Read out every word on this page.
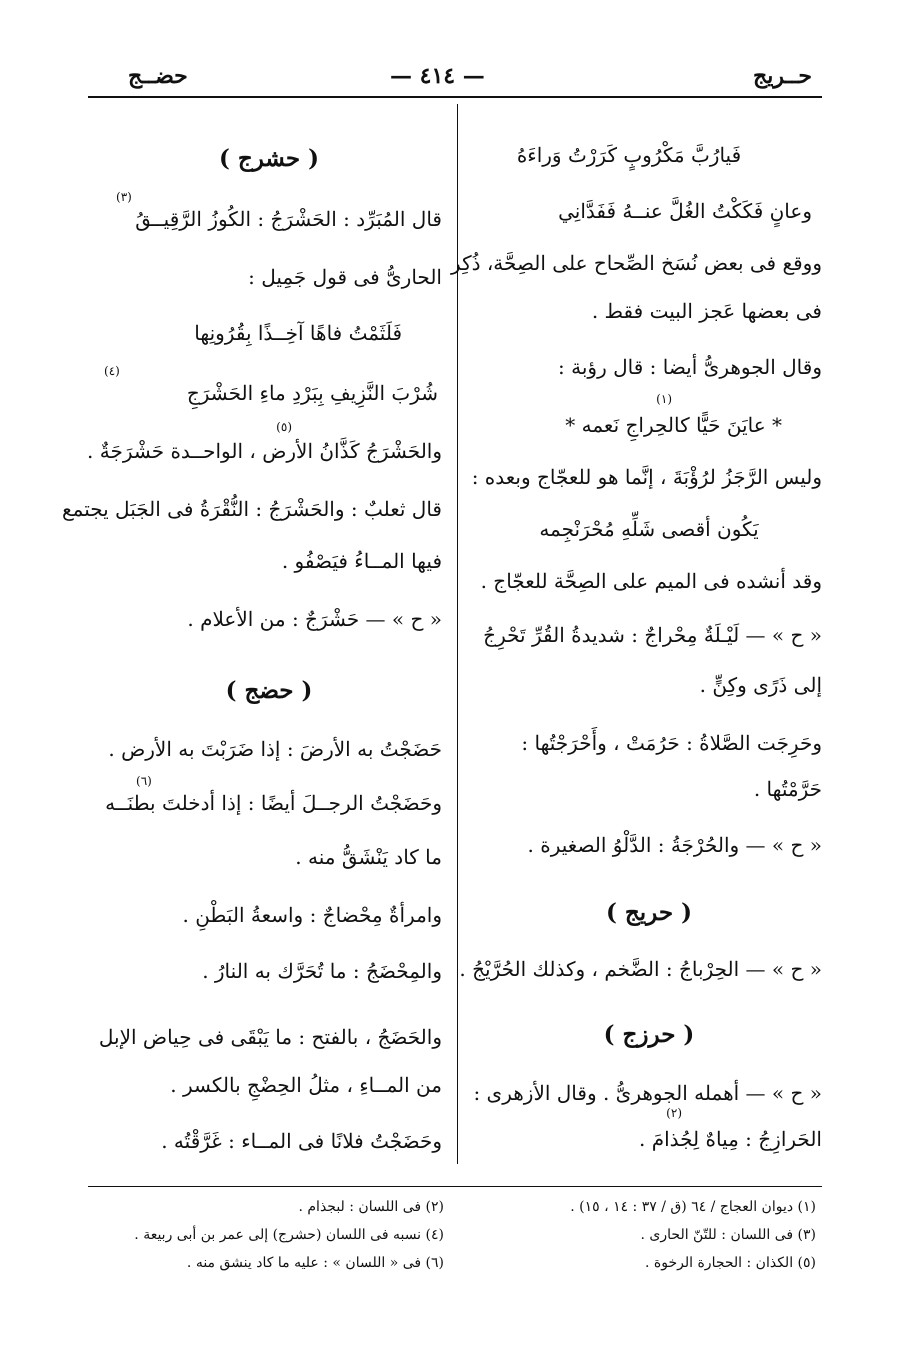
حــريج
— ٤١٤ —
حضــج
فَيارُبَّ مَكْرُوبٍ كَرَرْتُ وَراءَهُ
وعانٍ فَكَكْتُ الغُلَّ عنــهُ فَفَدَّانِي
ووقع فى بعض نُسَخ الصِّحاح على الصِحَّة، ذُكِر
فى بعضها عَجز البيت فقط .
وقال الجوهرىُّ أيضا : قال رؤبة :
* عايَنَ حَيًّا كالحِراجِ نَعمه *
وليس الرَّجَزُ لرُؤْبَةَ ، إنَّما هو للعجّاج وبعده :
يَكُون أقصى شَلِّهِ مُحْرَنْجِمه
وقد أنشده فى الميم على الصِحَّة للعجّاج .
« ح » — لَيْـلَةٌ مِحْراجٌ : شديدةُ القُرِّ تَحْرِجُ
إلى ذَرًى وكِنٍّ .
وحَرِجَت الصَّلاةُ : حَرُمَتْ ، وأَحْرَجْتُها :
حَرَّمْتُها .
« ح » — والحُرْجَةُ : الدَّلْوُ الصغيرة .
( حريج )
« ح » — الحِرْباجُ : الضَّخم ، وكذلك الحُرَّيْجُ .
( حرزج )
« ح » — أهمله الجوهرىُّ . وقال الأزهرى :
الحَرازِجُ : مِياهٌ لِجُذامَ .
(١)
(٢)
( حشرج )
قال المُبَرِّد : الحَشْرَجُ : الكُوزُ الرَّقِيــقُ
الحارىُّ فى قول جَمِيل :
فَلَثَمْتُ فاهًا آخِــذًا بِقُرُونِها
شُرْبَ النَّزِيفِ بِبَرْدِ ماءِ الحَشْرَجِ
والحَشْرَجُ كَذَّانُ الأرض ، الواحــدة حَشْرَجَةٌ .
قال ثعلبٌ : والحَشْرَجُ : النُّقْرَةُ فى الجَبَل يجتمع
فيها المــاءُ فيَصْفُو .
« ح » — حَشْرَجٌ : من الأعلام .
( حضج )
حَضَجْتُ به الأرضَ : إذا ضَرَبْتَ به الأرض .
وحَضَجْتُ الرجــلَ أيضًا : إذا أدخلتَ بطنَــه
ما كاد يَنْشَقُّ منه .
وامرأةٌ مِحْضاجٌ : واسعةُ البَطْنِ .
والمِحْضَجُ : ما تُحَرَّك به النارُ .
والحَضَجُ ، بالفتح : ما يَبْقَى فى حِياض الإبل
من المــاءِ ، مثلُ الحِضْجِ بالكسر .
وحَضَجْتُ فلانًا فى المــاء : غَرَّقْتُه .
(٣)
(٤)
(٥)
(٦)
(١) ديوان العجاج / ٦٤ (ق / ٣٧ : ١٤ ، ١٥) .
(٣) فى اللسان : للتّنّ الحارى .
(٥) الكذان : الحجارة الرخوة .
(٢) فى اللسان : لبجذام .
(٤) نسبه فى اللسان (حشرج) إلى عمر بن أبى ربيعة .
(٦) فى « اللسان » : عليه ما كاد ينشق منه .
